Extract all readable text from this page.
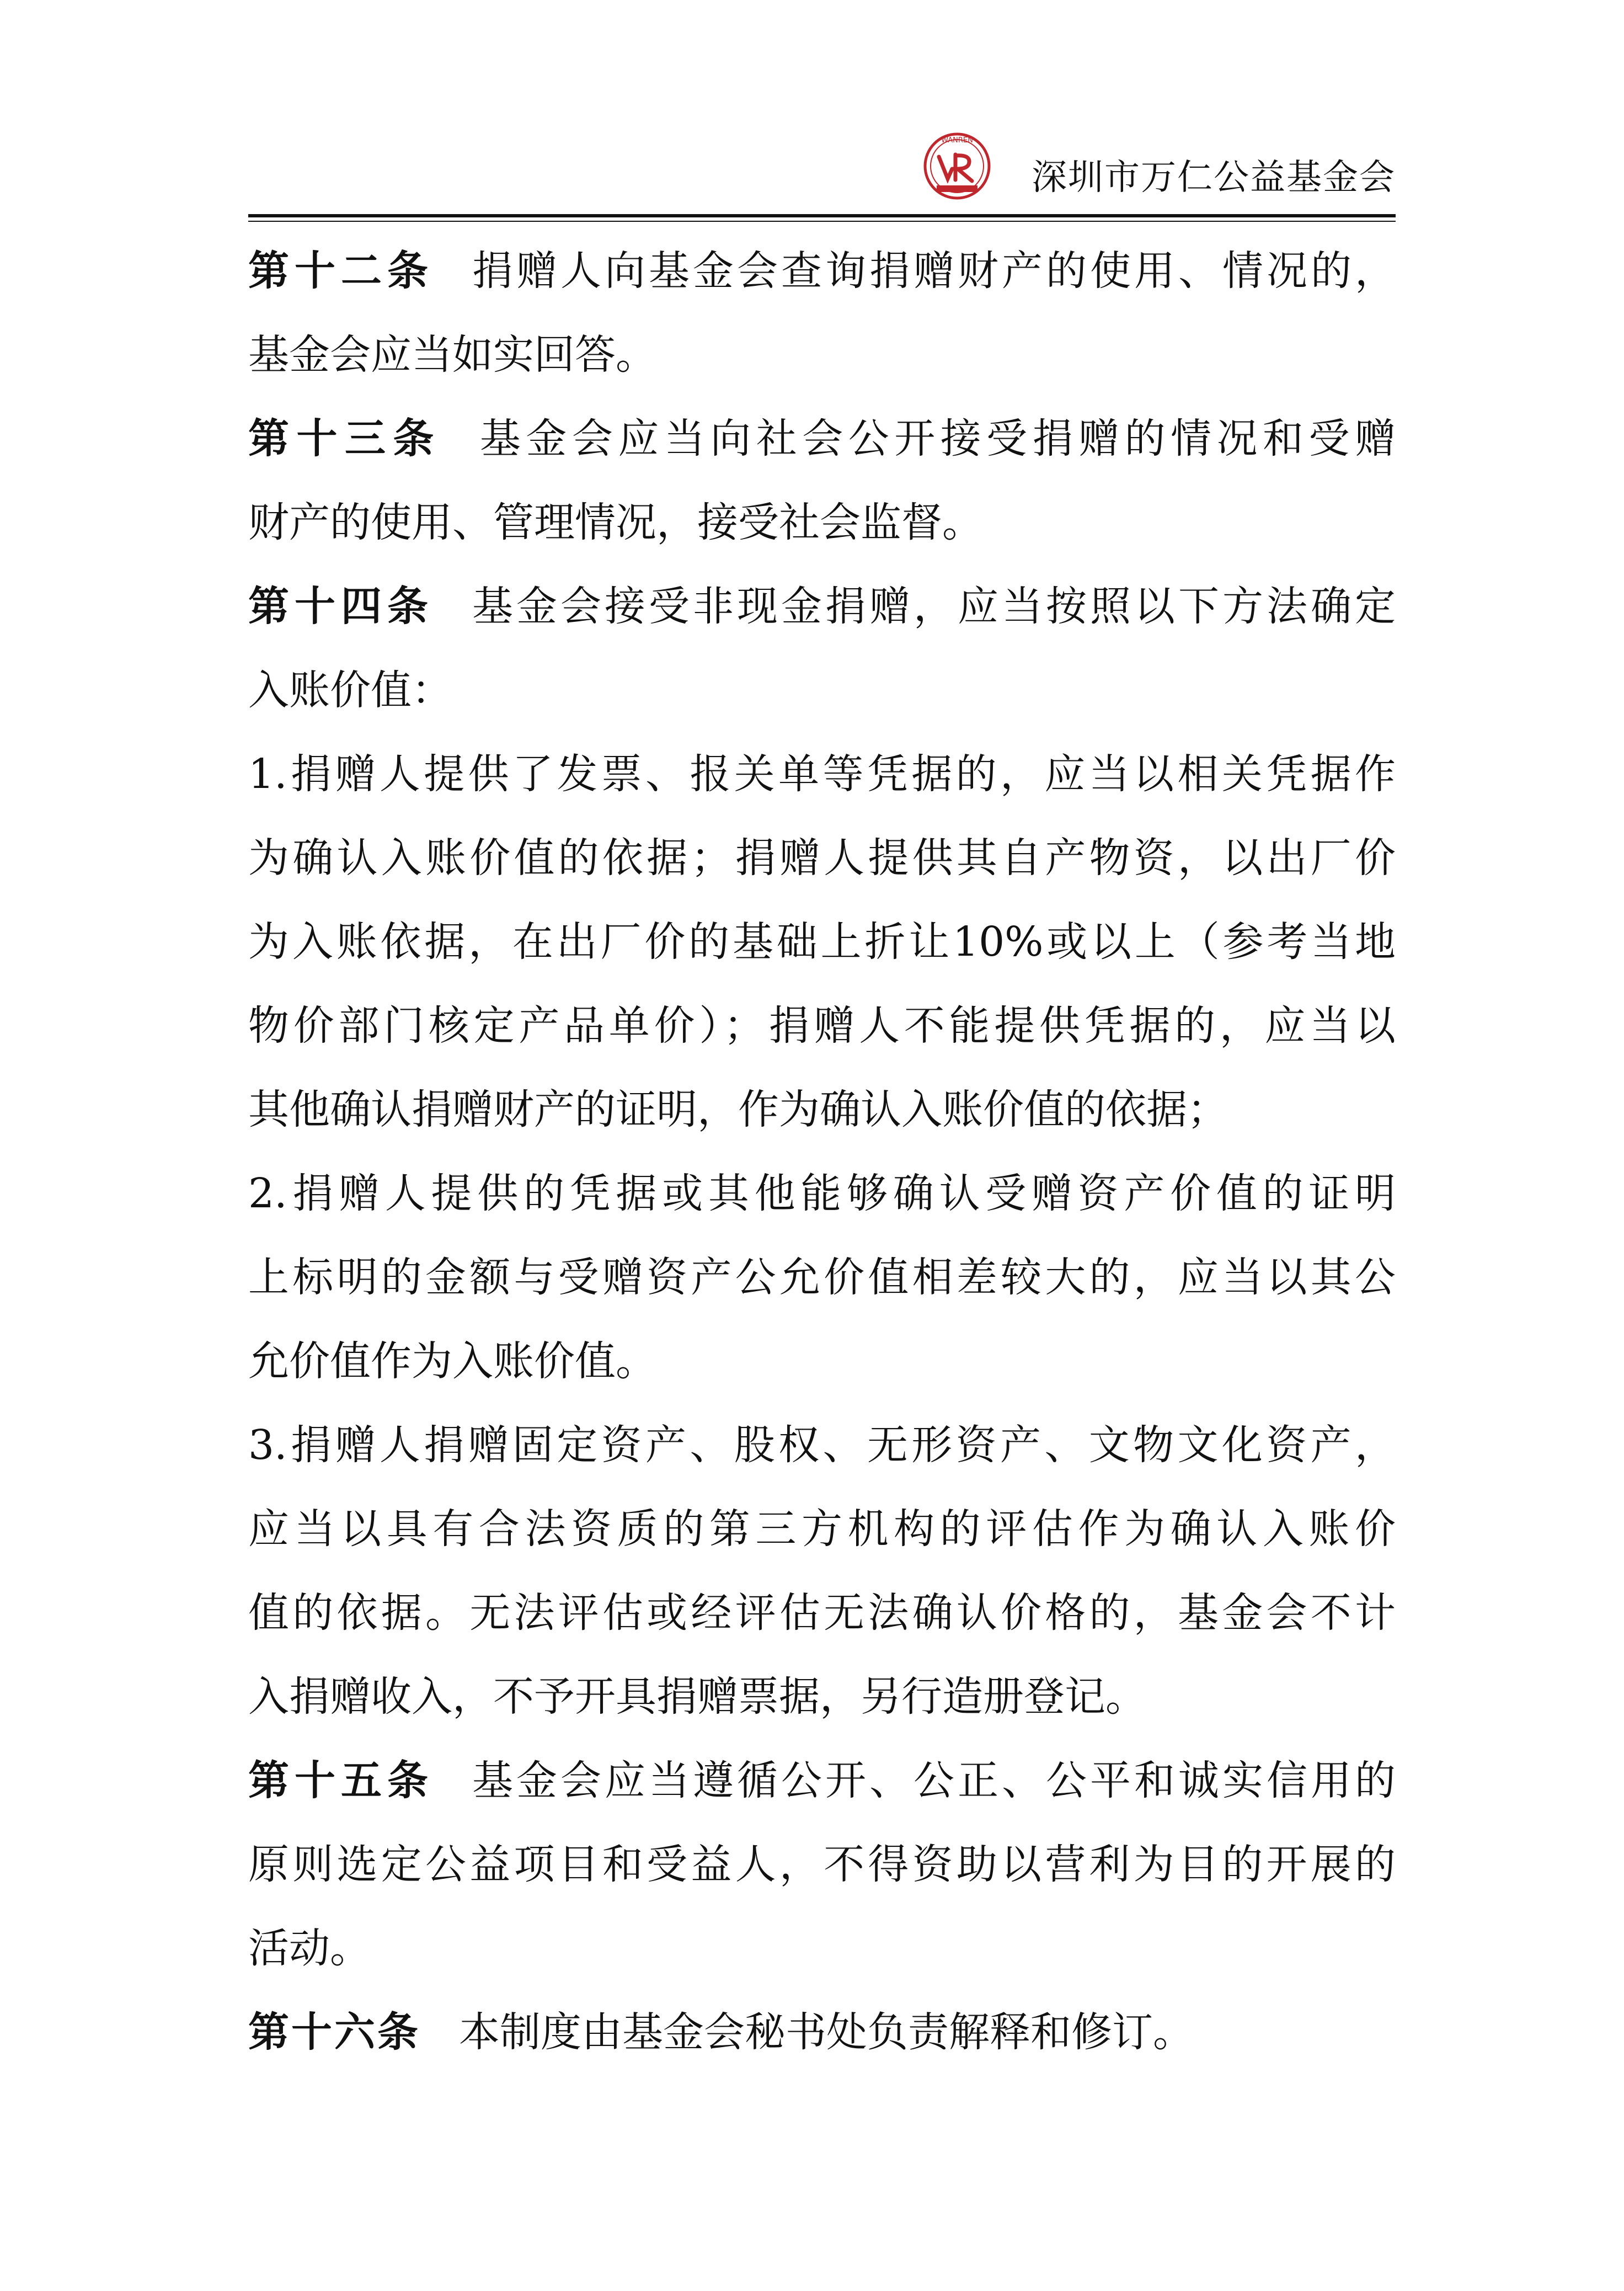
WANREN
深圳市万仁公益基金会
第十二条 捐赠人向基金会查询捐赠财产的使用、情况的，
基金会应当如实回答。
第十三条 基金会应当向社会公开接受捐赠的情况和受赠
财产的使用、管理情况，接受社会监督。
第十四条 基金会接受非现金捐赠，应当按照以下方法确定
入账价值：
1.捐赠人提供了发票、报关单等凭据的，应当以相关凭据作
为确认入账价值的依据；捐赠人提供其自产物资，以出厂价
为入账依据，在出厂价的基础上折让10%或以上（参考当地
物价部门核定产品单价）；捐赠人不能提供凭据的，应当以
其他确认捐赠财产的证明，作为确认入账价值的依据；
2.捐赠人提供的凭据或其他能够确认受赠资产价值的证明
上标明的金额与受赠资产公允价值相差较大的，应当以其公
允价值作为入账价值。
3.捐赠人捐赠固定资产、股权、无形资产、文物文化资产，
应当以具有合法资质的第三方机构的评估作为确认入账价
值的依据。无法评估或经评估无法确认价格的，基金会不计
入捐赠收入，不予开具捐赠票据，另行造册登记。
第十五条 基金会应当遵循公开、公正、公平和诚实信用的
原则选定公益项目和受益人，不得资助以营利为目的开展的
活动。
第十六条 本制度由基金会秘书处负责解释和修订。
